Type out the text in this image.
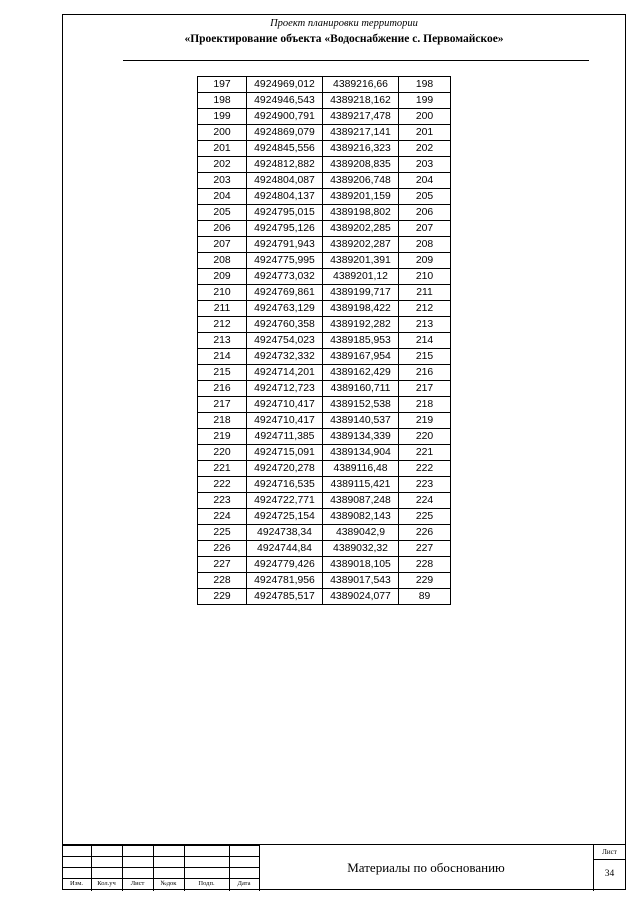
Проект планировки территории
«Проектирование объекта «Водоснабжение с. Первомайское»
197	4924969,012	4389216,66	198
198	4924946,543	4389218,162	199
199	4924900,791	4389217,478	200
200	4924869,079	4389217,141	201
201	4924845,556	4389216,323	202
202	4924812,882	4389208,835	203
203	4924804,087	4389206,748	204
204	4924804,137	4389201,159	205
205	4924795,015	4389198,802	206
206	4924795,126	4389202,285	207
207	4924791,943	4389202,287	208
208	4924775,995	4389201,391	209
209	4924773,032	4389201,12	210
210	4924769,861	4389199,717	211
211	4924763,129	4389198,422	212
212	4924760,358	4389192,282	213
213	4924754,023	4389185,953	214
214	4924732,332	4389167,954	215
215	4924714,201	4389162,429	216
216	4924712,723	4389160,711	217
217	4924710,417	4389152,538	218
218	4924710,417	4389140,537	219
219	4924711,385	4389134,339	220
220	4924715,091	4389134,904	221
221	4924720,278	4389116,48	222
222	4924716,535	4389115,421	223
223	4924722,771	4389087,248	224
224	4924725,154	4389082,143	225
225	4924738,34	4389042,9	226
226	4924744,84	4389032,32	227
227	4924779,426	4389018,105	228
228	4924781,956	4389017,543	229
229	4924785,517	4389024,077	89
Изм.	Кол.уч	Лист	№док	Подп.	Дата
Материалы по обоснованию
Лист
34
